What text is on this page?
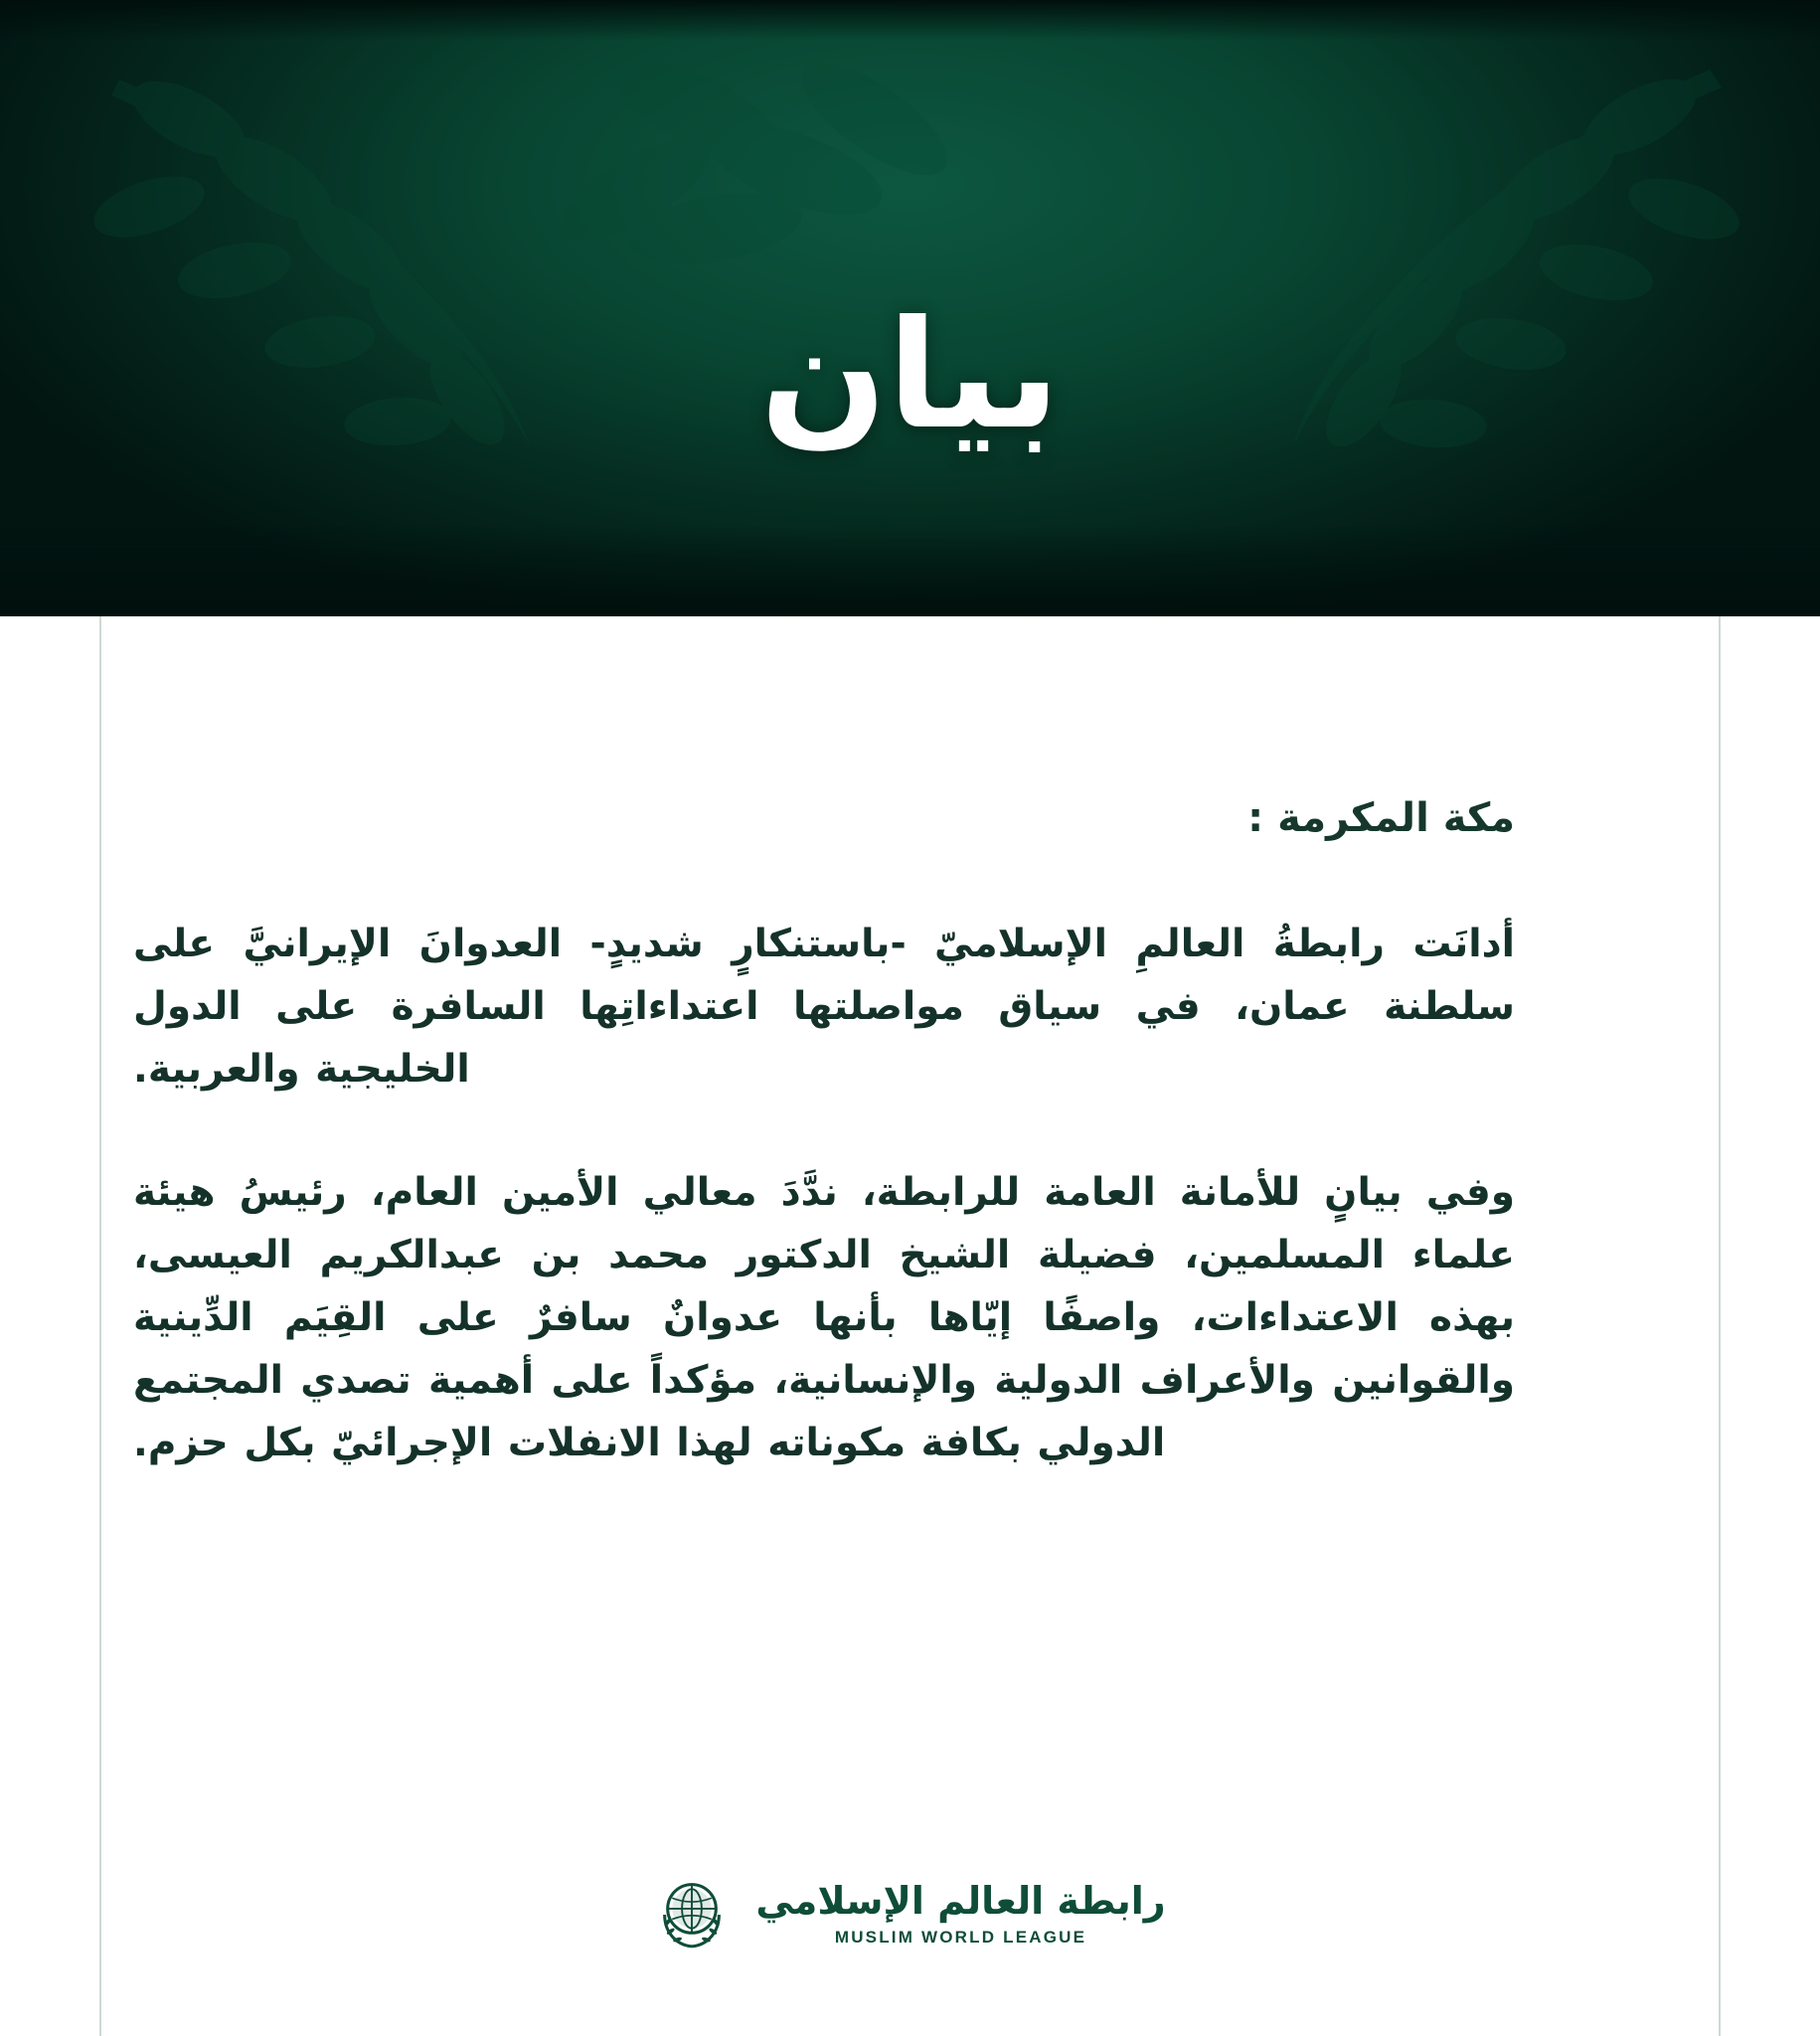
بيان
مكة المكرمة :

أدانَت رابطةُ العالمِ الإسلاميّ -باستنكارٍ شديدٍ- العدوانَ الإيرانيَّ على سلطنة عمان، في سياق مواصلتها اعتداءاتِها السافرة على الدول الخليجية والعربية.

وفي بيانٍ للأمانة العامة للرابطة، ندَّدَ معالي الأمين العام، رئيسُ هيئة علماء المسلمين، فضيلة الشيخ الدكتور محمد بن عبدالكريم العيسى، بهذه الاعتداءات، واصفًا إيّاها بأنها عدوانٌ سافرٌ على القِيَم الدِّينية والقوانين والأعراف الدولية والإنسانية، مؤكداً على أهمية تصدي المجتمع الدولي بكافة مكوناته لهذا الانفلات الإجرائيّ بكل حزم.

رابطة العالم الإسلامي
MUSLIM WORLD LEAGUE
